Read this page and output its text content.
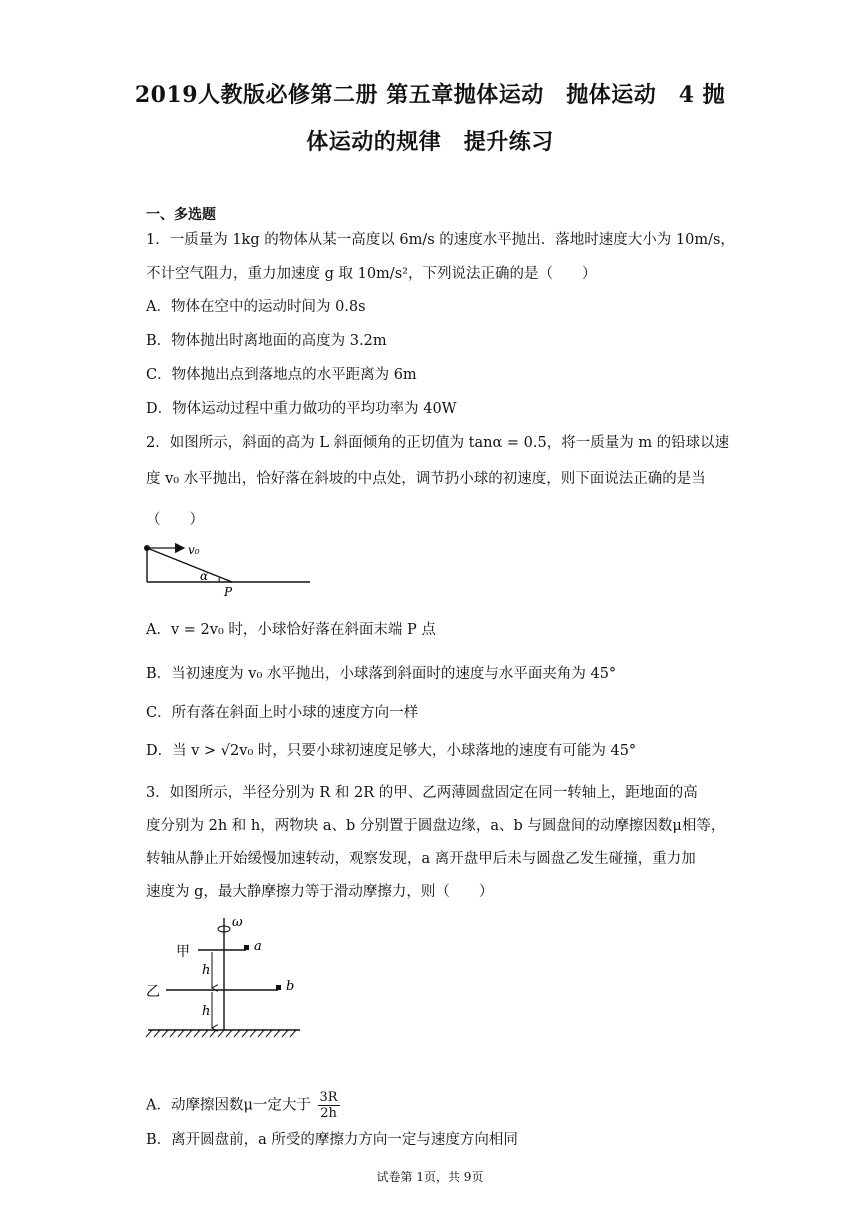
2019人教版必修第二册 第五章抛体运动　抛体运动　4 抛
体运动的规律　提升练习
一、多选题
1．一质量为 1kg 的物体从某一高度以 6m/s 的速度水平抛出．落地时速度大小为 10m/s，
不计空气阻力，重力加速度 g 取 10m/s²，下列说法正确的是（　　）
A．物体在空中的运动时间为 0.8s
B．物体抛出时离地面的高度为 3.2m
C．物体抛出点到落地点的水平距离为 6m
D．物体运动过程中重力做功的平均功率为 40W
2．如图所示，斜面的高为 L 斜面倾角的正切值为 tanα = 0.5，将一质量为 m 的铅球以速
度 v₀ 水平抛出，恰好落在斜坡的中点处，调节扔小球的初速度，则下面说法正确的是当
（　　）
v₀
α
P
A．v = 2v₀ 时，小球恰好落在斜面末端 P 点
B．当初速度为 v₀ 水平抛出，小球落到斜面时的速度与水平面夹角为 45°
C．所有落在斜面上时小球的速度方向一样
D．当 v > √2v₀ 时，只要小球初速度足够大，小球落地的速度有可能为 45°
3．如图所示，半径分别为 R 和 2R 的甲、乙两薄圆盘固定在同一转轴上，距地面的高
度分别为 2h 和 h，两物块 a、b 分别置于圆盘边缘，a、b 与圆盘间的动摩擦因数μ相等，
转轴从静止开始缓慢加速转动，观察发现，a 离开盘甲后未与圆盘乙发生碰撞，重力加
速度为 g，最大静摩擦力等于滑动摩擦力，则（　　）
ω
a
甲
b
乙
h
h
A．动摩擦因数μ一定大于 $\frac{3R}{2h}$
B．离开圆盘前，a 所受的摩擦力方向一定与速度方向相同
试卷第 1页，共 9页
